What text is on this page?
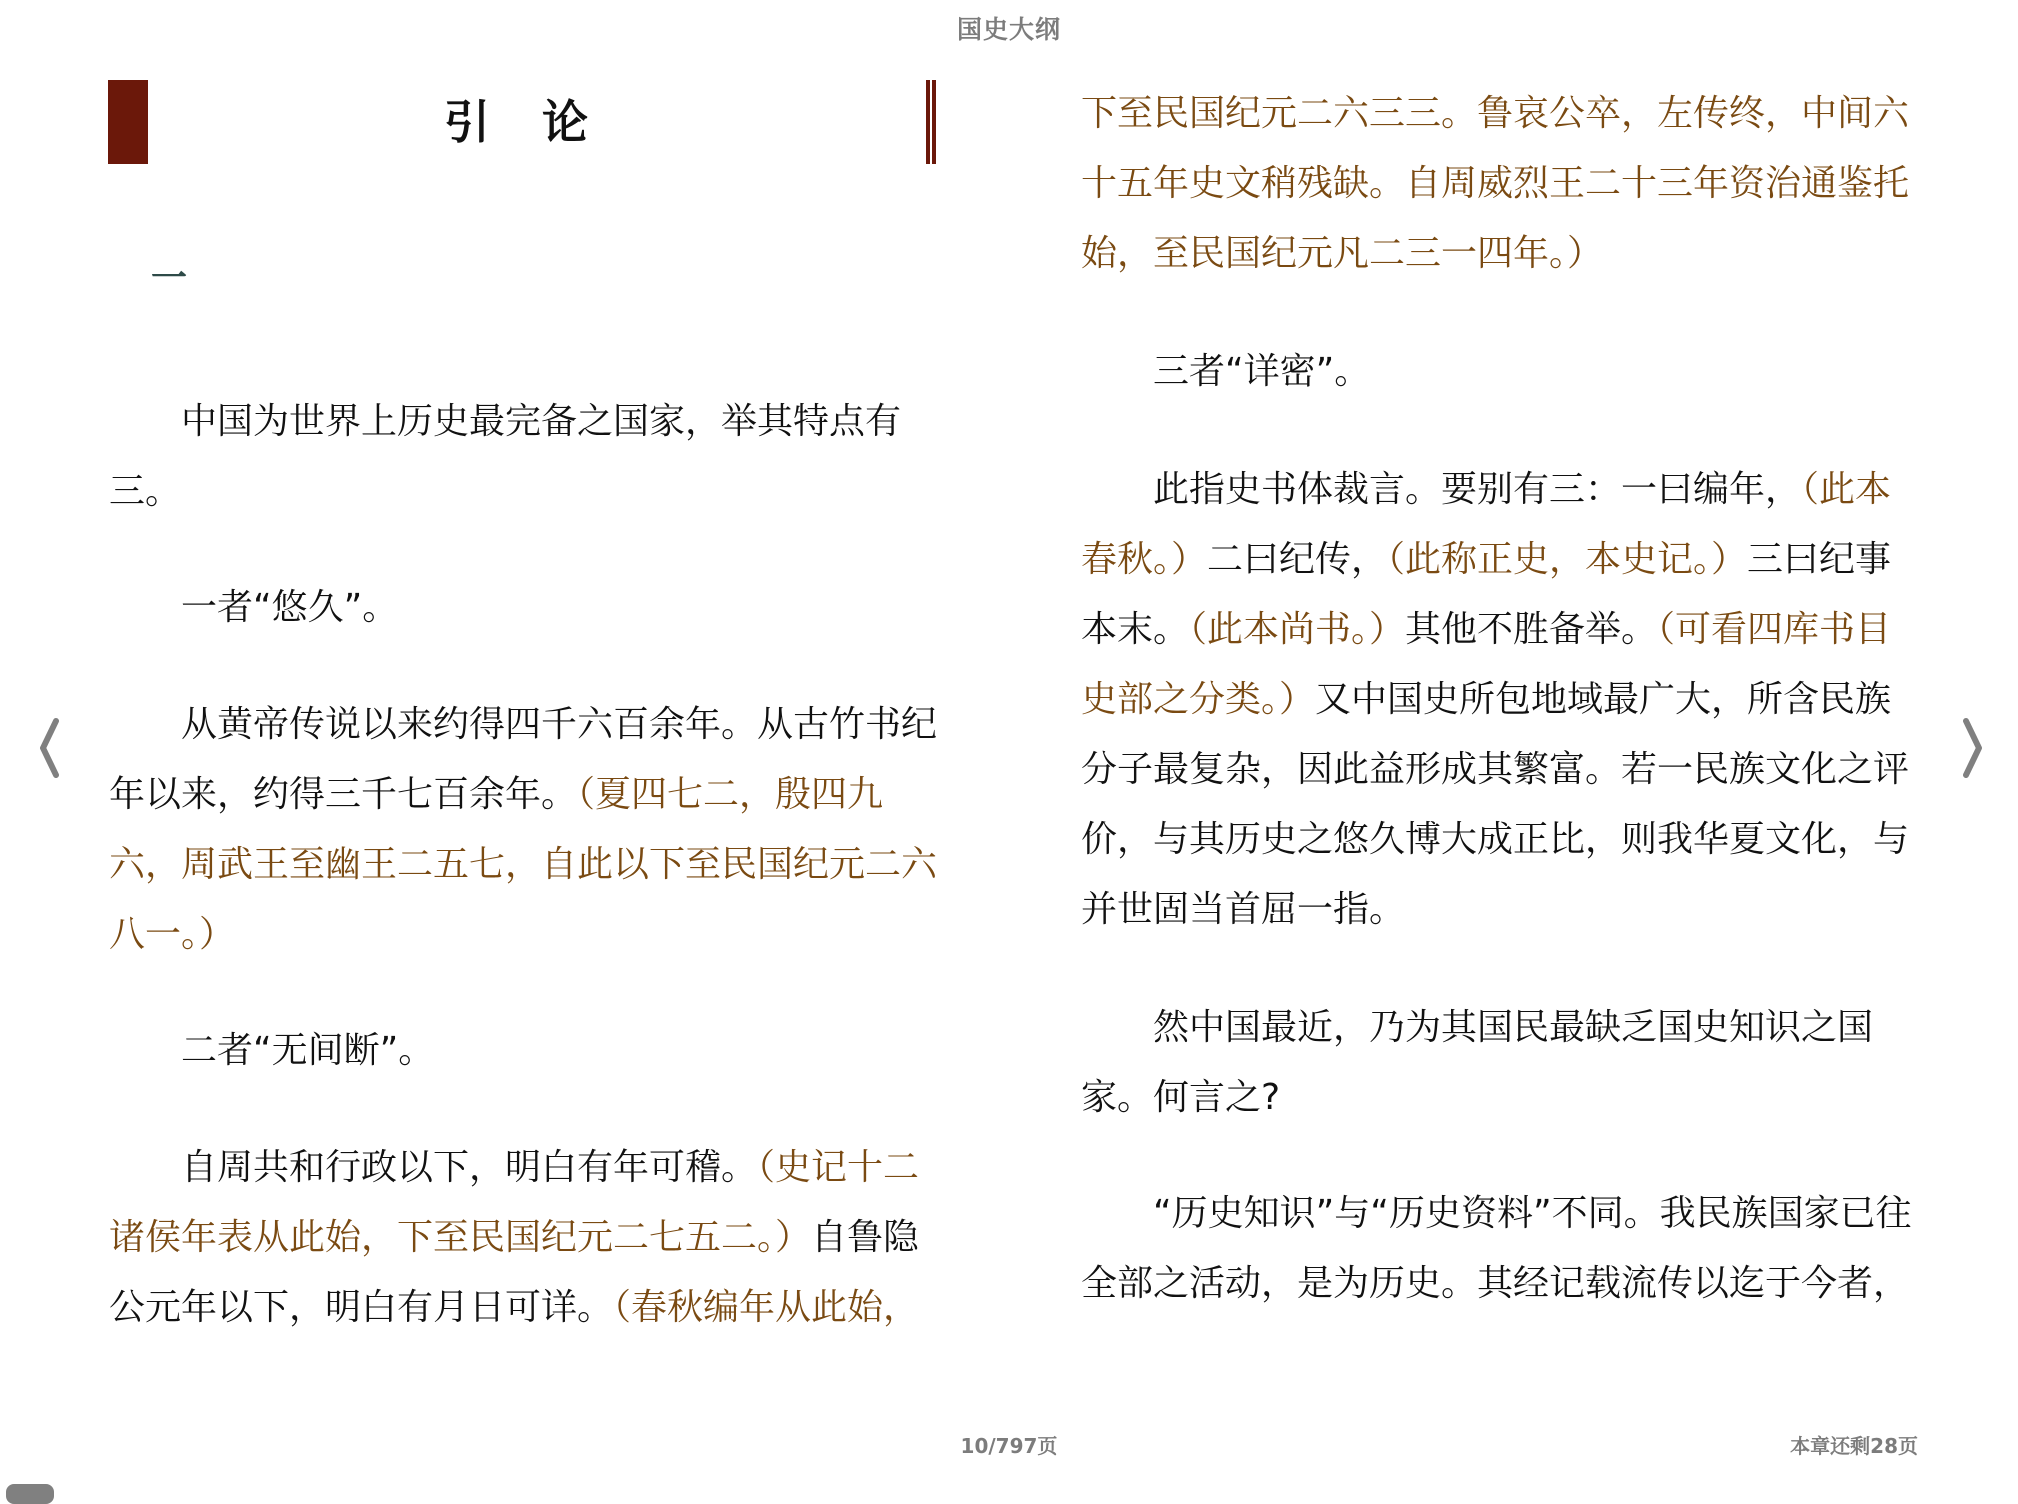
国史大纲
引 论
一
中国为世界上历史最完备之国家，举其特点有
三。
一者“悠久”。
从黄帝传说以来约得四千六百余年。从古竹书纪
年以来，约得三千七百余年。（夏四七二，殷四九
六，周武王至幽王二五七，自此以下至民国纪元二六
八一。）
二者“无间断”。
自周共和行政以下，明白有年可稽。（史记十二
诸侯年表从此始，下至民国纪元二七五二。）自鲁隐
公元年以下，明白有月日可详。（春秋编年从此始，
下至民国纪元二六三三。鲁哀公卒，左传终，中间六
十五年史文稍残缺。自周威烈王二十三年资治通鉴托
始，至民国纪元凡二三一四年。）
三者“详密”。
此指史书体裁言。要别有三：一曰编年，（此本
春秋。）二曰纪传，（此称正史，本史记。）三曰纪事
本末。（此本尚书。）其他不胜备举。（可看四库书目
史部之分类。）又中国史所包地域最广大，所含民族
分子最复杂，因此益形成其繁富。若一民族文化之评
价，与其历史之悠久博大成正比，则我华夏文化，与
并世固当首屈一指。
然中国最近，乃为其国民最缺乏国史知识之国
家。何言之?
“历史知识”与“历史资料”不同。我民族国家已往
全部之活动，是为历史。其经记载流传以迄于今者，
10/797页	本章还剩28页
